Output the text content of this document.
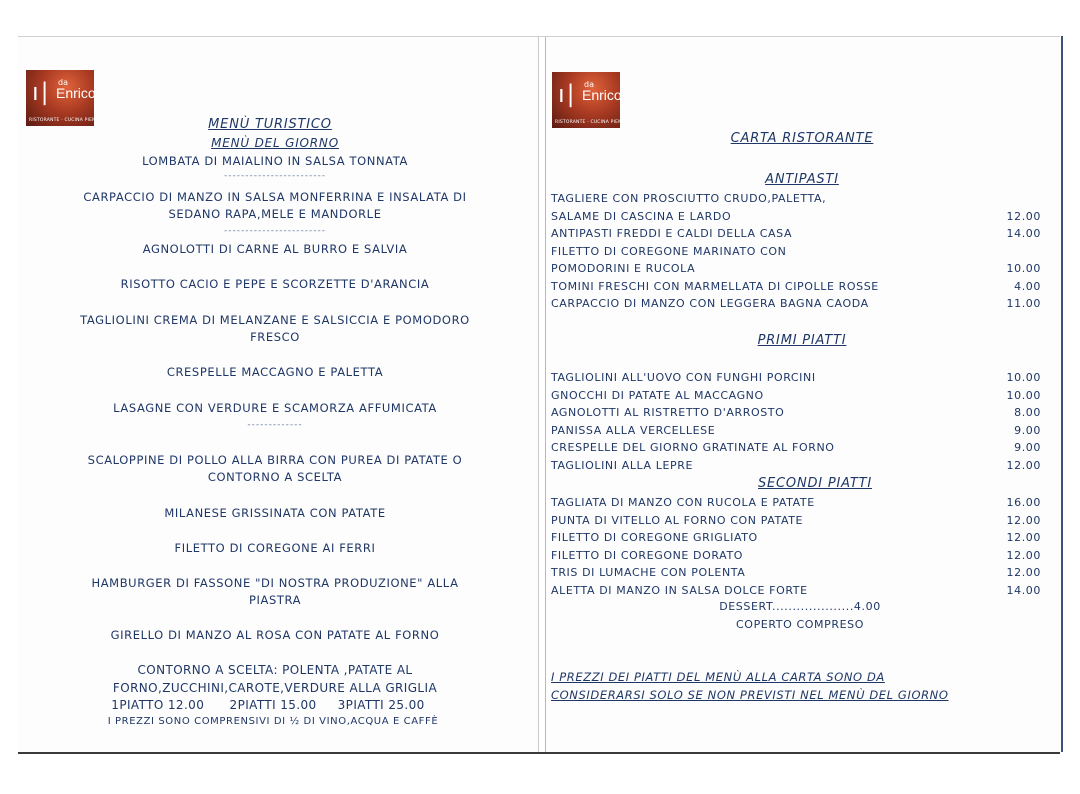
ı∣ da
Enrico
RISTORANTE · CUCINA PIEMONTESE
ı∣ da
Enrico
RISTORANTE · CUCINA PIEMONTESE
MENÙ TURISTICO
MENÙ DEL GIORNO
LOMBATA DI MAIALINO IN SALSA TONNATA
------------------------
CARPACCIO DI MANZO IN SALSA MONFERRINA E INSALATA DI
SEDANO RAPA,MELE E MANDORLE
------------------------
AGNOLOTTI DI CARNE AL BURRO E SALVIA
RISOTTO CACIO E PEPE E SCORZETTE D'ARANCIA
TAGLIOLINI CREMA DI MELANZANE E SALSICCIA E POMODORO
FRESCO
CRESPELLE MACCAGNO E PALETTA
LASAGNE CON VERDURE E SCAMORZA AFFUMICATA
-------------
SCALOPPINE DI POLLO ALLA BIRRA CON PUREA DI PATATE O
CONTORNO A SCELTA
MILANESE GRISSINATA CON PATATE
FILETTO DI COREGONE AI FERRI
HAMBURGER DI FASSONE "DI NOSTRA PRODUZIONE" ALLA
PIASTRA
GIRELLO DI MANZO AL ROSA CON PATATE AL FORNO
CONTORNO A SCELTA: POLENTA ,PATATE AL
FORNO,ZUCCHINI,CAROTE,VERDURE ALLA GRIGLIA
1PIATTO 12.00      2PIATTI 15.00     3PIATTI 25.00
I PREZZI SONO COMPRENSIVI DI ½ DI VINO,ACQUA E CAFFÈ
CARTA RISTORANTE
ANTIPASTI
TAGLIERE CON PROSCIUTTO CRUDO,PALETTA,
SALAME DI CASCINA E LARDO	12.00
ANTIPASTI FREDDI E CALDI DELLA CASA	14.00
FILETTO DI COREGONE MARINATO CON
POMODORINI E RUCOLA	10.00
TOMINI FRESCHI CON MARMELLATA DI CIPOLLE ROSSE	4.00
CARPACCIO DI MANZO CON LEGGERA BAGNA CAODA	11.00
PRIMI PIATTI
TAGLIOLINI ALL'UOVO CON FUNGHI PORCINI	10.00
GNOCCHI DI PATATE AL MACCAGNO	10.00
AGNOLOTTI AL RISTRETTO D'ARROSTO	8.00
PANISSA ALLA VERCELLESE	9.00
CRESPELLE DEL GIORNO GRATINATE AL FORNO	9.00
TAGLIOLINI ALLA LEPRE	12.00
SECONDI PIATTI
TAGLIATA DI MANZO CON RUCOLA E PATATE	16.00
PUNTA DI VITELLO AL FORNO CON PATATE	12.00
FILETTO DI COREGONE GRIGLIATO	12.00
FILETTO DI COREGONE DORATO	12.00
TRIS DI LUMACHE CON POLENTA	12.00
ALETTA DI MANZO IN SALSA DOLCE FORTE	14.00
DESSERT....................4.00
COPERTO COMPRESO
I PREZZI DEI PIATTI DEL MENÙ ALLA CARTA SONO DA
CONSIDERARSI SOLO SE NON PREVISTI NEL MENÙ DEL GIORNO
